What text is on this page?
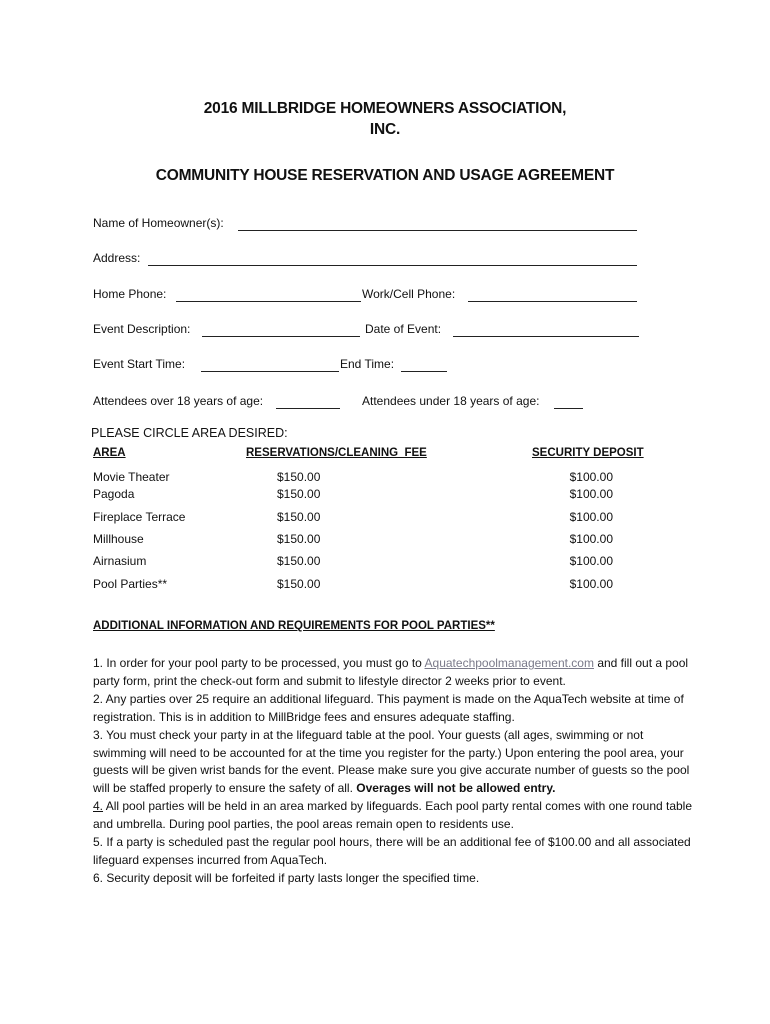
2016 MILLBRIDGE HOMEOWNERS ASSOCIATION,
INC.
COMMUNITY HOUSE RESERVATION AND USAGE AGREEMENT
Name of Homeowner(s):
Address:
Home Phone:	Work/Cell Phone:
Event Description:	Date of Event:
Event Start Time:	End Time:
Attendees over 18 years of age:	Attendees under 18 years of age:
PLEASE CIRCLE AREA DESIRED:
AREA	RESERVATIONS/CLEANING  FEE	SECURITY DEPOSIT
Movie Theater	$150.00	$100.00
Pagoda	$150.00	$100.00
Fireplace Terrace	$150.00	$100.00
Millhouse	$150.00	$100.00
Airnasium	$150.00	$100.00
Pool Parties**	$150.00	$100.00
ADDITIONAL INFORMATION AND REQUIREMENTS FOR POOL PARTIES**

1. In order for your pool party to be processed, you must go to Aquatechpoolmanagement.com and fill out a pool party form, print the check-out form and submit to lifestyle director 2 weeks prior to event.

2. Any parties over 25 require an additional lifeguard. This payment is made on the AquaTech website at time of registration. This is in addition to MillBridge fees and ensures adequate staffing.

3. You must check your party in at the lifeguard table at the pool. Your guests (all ages, swimming or not swimming will need to be accounted for at the time you register for the party.) Upon entering the pool area, your guests will be given wrist bands for the event. Please make sure you give accurate number of guests so the pool will be staffed properly to ensure the safety of all. Overages will not be allowed entry.

4. All pool parties will be held in an area marked by lifeguards. Each pool party rental comes with one round table and umbrella. During pool parties, the pool areas remain open to residents use.

5. If a party is scheduled past the regular pool hours, there will be an additional fee of $100.00 and all associated lifeguard expenses incurred from AquaTech.

6. Security deposit will be forfeited if party lasts longer the specified time.
